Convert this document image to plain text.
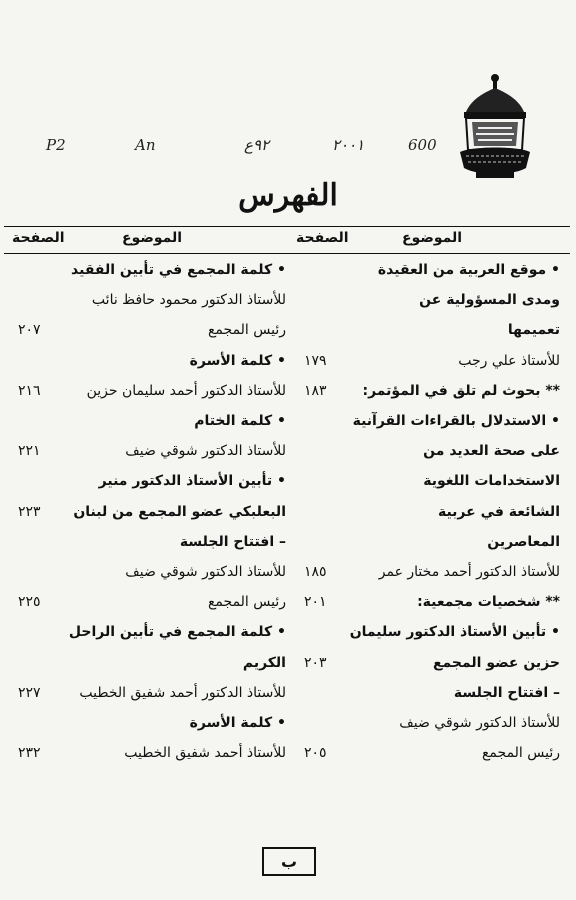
600
٢٠٠١
٩٢ع
An
P2
الفهرس
الموضوع
الصفحة
الموضوع
الصفحة
• موقع العربية من العقيدة
ومدى المسؤولية عن
تعميمها
للأستاذ علي رجب
١٧٩
** بحوث لم تلق في المؤتمر:
١٨٣
• الاستدلال بالقراءات القرآنية
على صحة العديد من
الاستخدامات اللغوية
الشائعة في عربية
المعاصرين
للأستاذ الدكتور أحمد مختار عمر
١٨٥
** شخصيات مجمعية:
٢٠١
• تأبين الأستاذ الدكتور سليمان
حزين عضو المجمع
٢٠٣
– افتتاح الجلسة
للأستاذ الدكتور شوقي ضيف
رئيس المجمع
٢٠٥
• كلمة المجمع في تأبين الفقيد
للأستاذ الدكتور محمود حافظ نائب
رئيس المجمع
٢٠٧
• كلمة الأسرة
للأستاذ الدكتور أحمد سليمان حزين
٢١٦
• كلمة الختام
للأستاذ الدكتور شوقي ضيف
٢٢١
• تأبين الأستاذ الدكتور منير
البعلبكي عضو المجمع من لبنان
٢٢٣
– افتتاح الجلسة
للأستاذ الدكتور شوقي ضيف
رئيس المجمع
٢٢٥
• كلمة المجمع في تأبين الراحل
الكريم
للأستاذ الدكتور أحمد شفيق الخطيب
٢٢٧
• كلمة الأسرة
للأستاذ أحمد شفيق الخطيب
٢٣٢
ب
